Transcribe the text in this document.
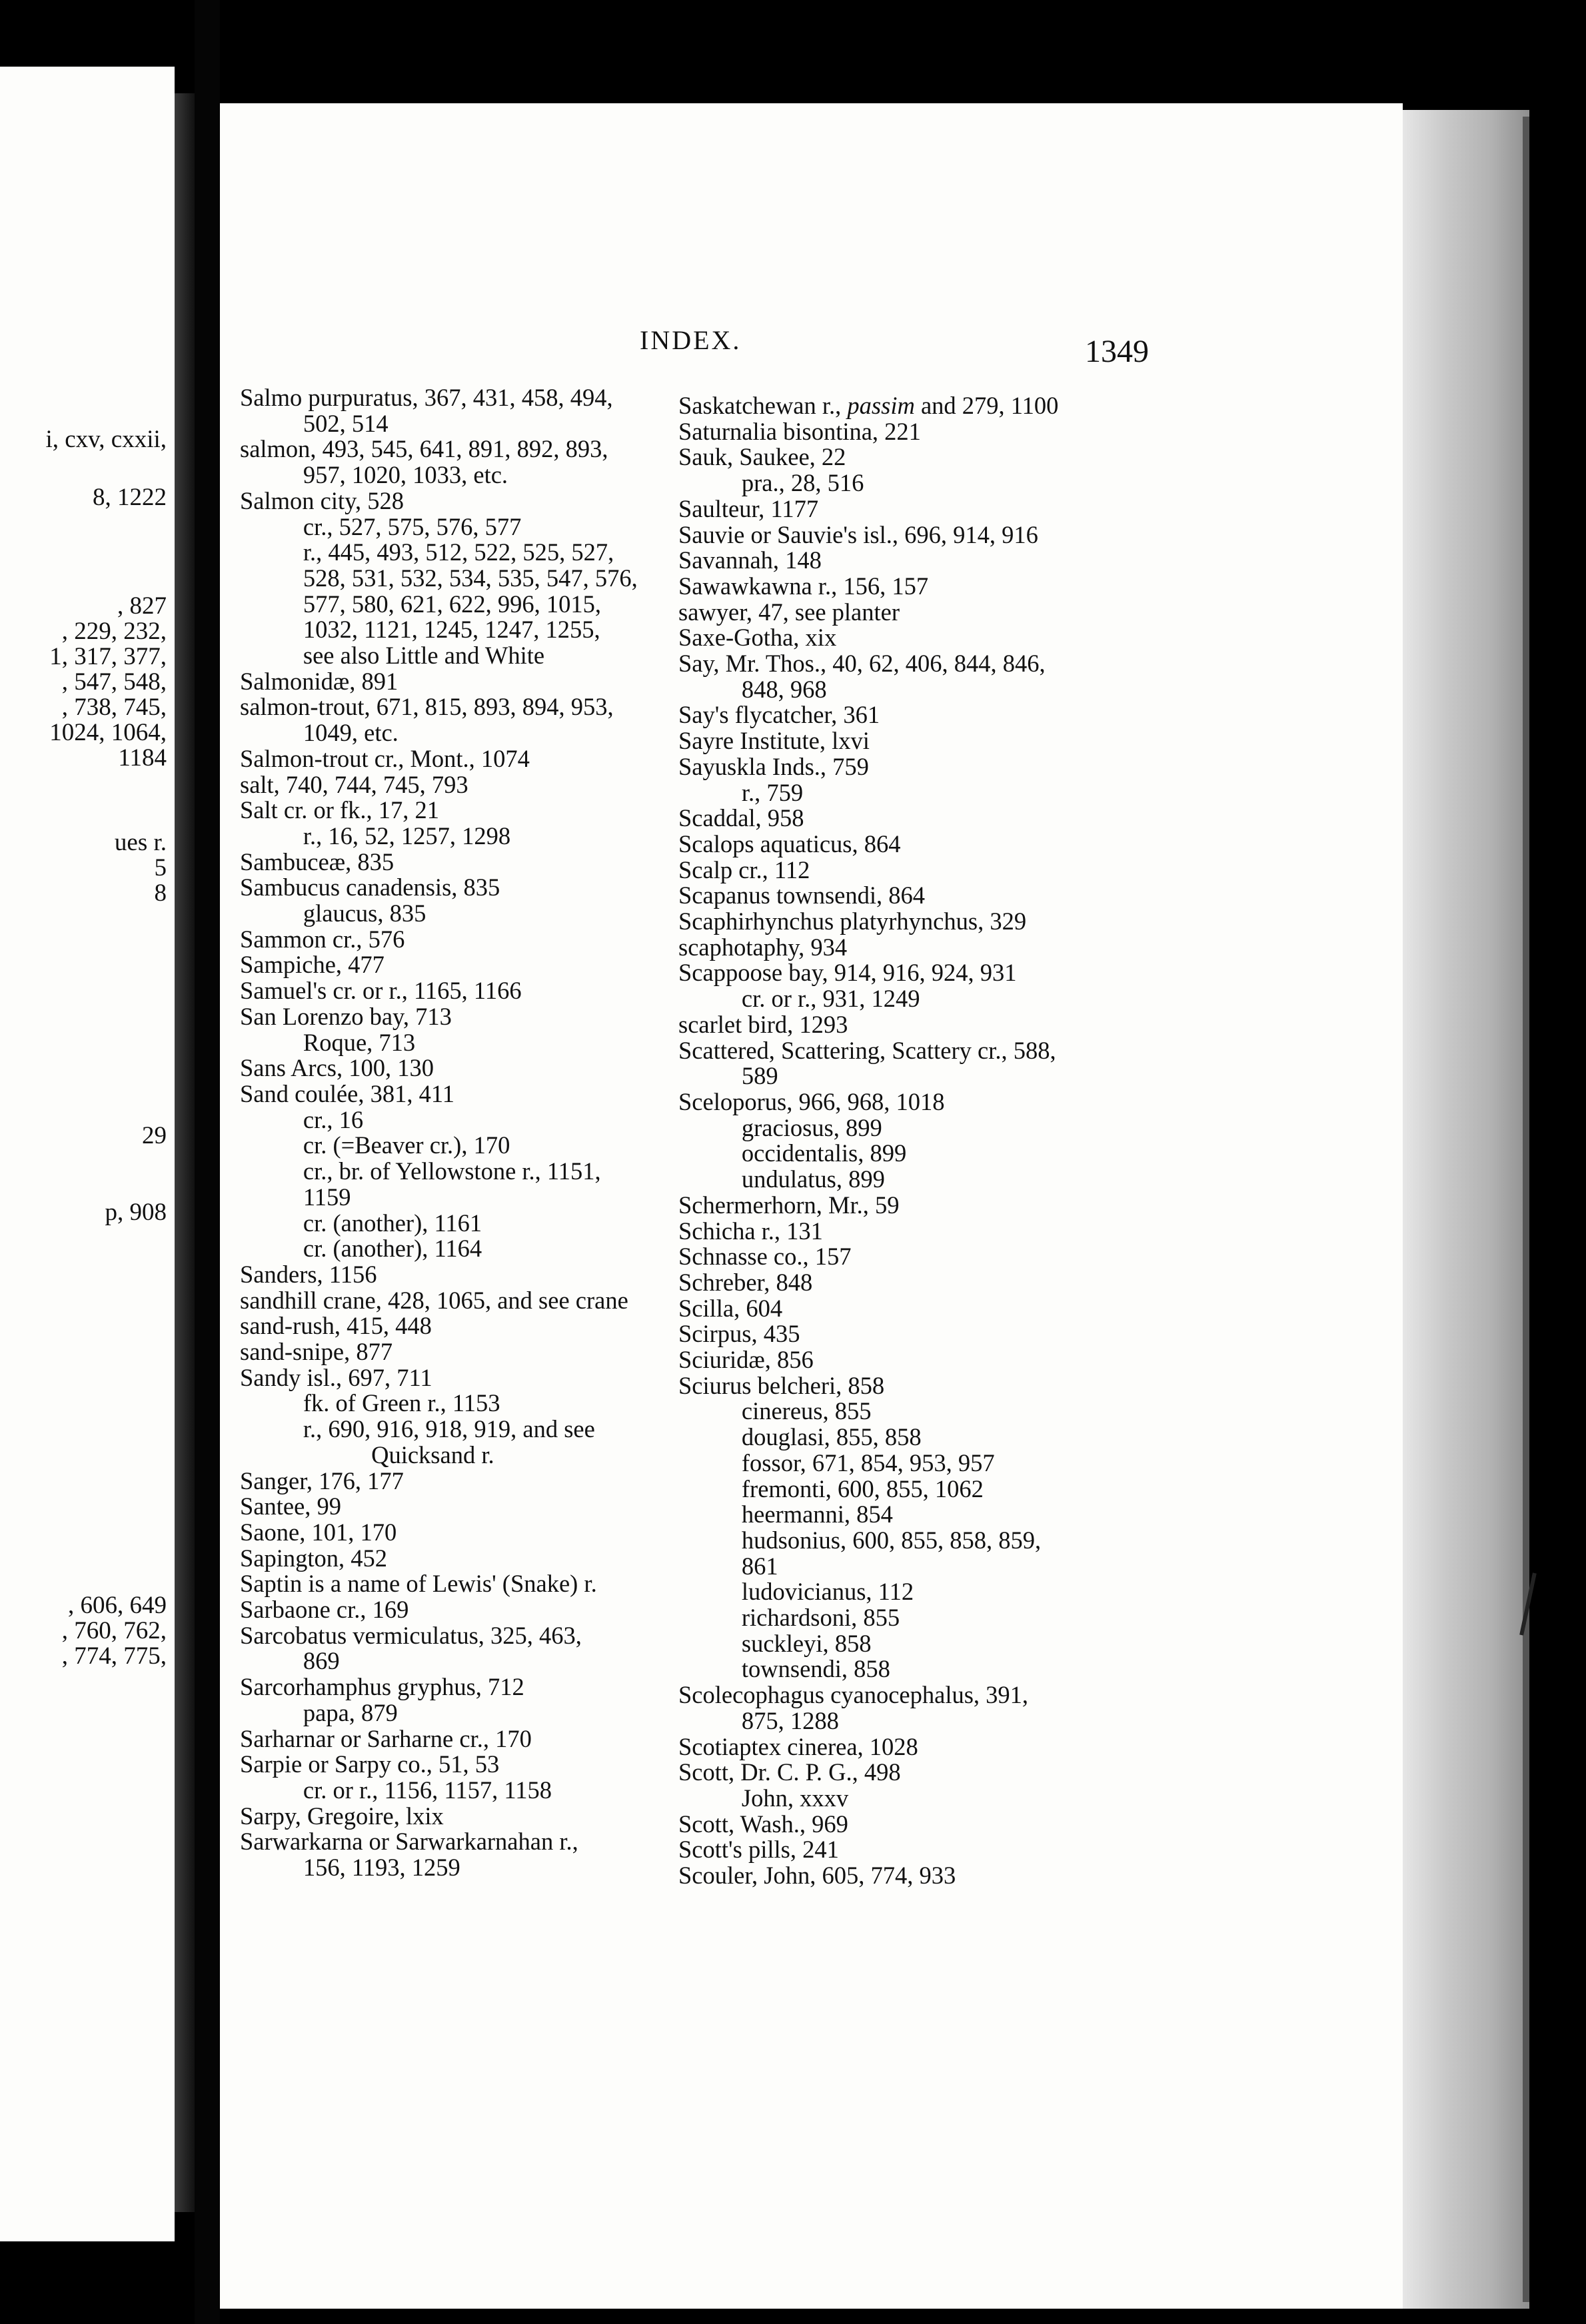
i, cxv, cxxii,
8, 1222
, 827
, 229, 232,
1, 317, 377,
, 547, 548,
, 738, 745,
1024, 1064,
1184
ues r.
5
8
29
p, 908
, 606, 649
, 760, 762,
, 774, 775,
INDEX.	1349
Salmo purpuratus, 367, 431, 458, 494,
502, 514
salmon, 493, 545, 641, 891, 892, 893,
957, 1020, 1033, etc.
Salmon city, 528
cr., 527, 575, 576, 577
r., 445, 493, 512, 522, 525, 527,
528, 531, 532, 534, 535, 547, 576,
577, 580, 621, 622, 996, 1015,
1032, 1121, 1245, 1247, 1255,
see also Little and White
Salmonidæ, 891
salmon-trout, 671, 815, 893, 894, 953,
1049, etc.
Salmon-trout cr., Mont., 1074
salt, 740, 744, 745, 793
Salt cr. or fk., 17, 21
r., 16, 52, 1257, 1298
Sambuceæ, 835
Sambucus canadensis, 835
glaucus, 835
Sammon cr., 576
Sampiche, 477
Samuel's cr. or r., 1165, 1166
San Lorenzo bay, 713
Roque, 713
Sans Arcs, 100, 130
Sand coulée, 381, 411
cr., 16
cr. (=Beaver cr.), 170
cr., br. of Yellowstone r., 1151,
1159
cr. (another), 1161
cr. (another), 1164
Sanders, 1156
sandhill crane, 428, 1065, and see crane
sand-rush, 415, 448
sand-snipe, 877
Sandy isl., 697, 711
fk. of Green r., 1153
r., 690, 916, 918, 919, and see
Quicksand r.
Sanger, 176, 177
Santee, 99
Saone, 101, 170
Sapington, 452
Saptin is a name of Lewis' (Snake) r.
Sarbaone cr., 169
Sarcobatus vermiculatus, 325, 463,
869
Sarcorhamphus gryphus, 712
papa, 879
Sarharnar or Sarharne cr., 170
Sarpie or Sarpy co., 51, 53
cr. or r., 1156, 1157, 1158
Sarpy, Gregoire, lxix
Sarwarkarna or Sarwarkarnahan r.,
156, 1193, 1259
Saskatchewan r., passim and 279, 1100
Saturnalia bisontina, 221
Sauk, Saukee, 22
pra., 28, 516
Saulteur, 1177
Sauvie or Sauvie's isl., 696, 914, 916
Savannah, 148
Sawawkawna r., 156, 157
sawyer, 47, see planter
Saxe-Gotha, xix
Say, Mr. Thos., 40, 62, 406, 844, 846,
848, 968
Say's flycatcher, 361
Sayre Institute, lxvi
Sayuskla Inds., 759
r., 759
Scaddal, 958
Scalops aquaticus, 864
Scalp cr., 112
Scapanus townsendi, 864
Scaphirhynchus platyrhynchus, 329
scaphotaphy, 934
Scappoose bay, 914, 916, 924, 931
cr. or r., 931, 1249
scarlet bird, 1293
Scattered, Scattering, Scattery cr., 588,
589
Sceloporus, 966, 968, 1018
graciosus, 899
occidentalis, 899
undulatus, 899
Schermerhorn, Mr., 59
Schicha r., 131
Schnasse co., 157
Schreber, 848
Scilla, 604
Scirpus, 435
Sciuridæ, 856
Sciurus belcheri, 858
cinereus, 855
douglasi, 855, 858
fossor, 671, 854, 953, 957
fremonti, 600, 855, 1062
heermanni, 854
hudsonius, 600, 855, 858, 859,
861
ludovicianus, 112
richardsoni, 855
suckleyi, 858
townsendi, 858
Scolecophagus cyanocephalus, 391,
875, 1288
Scotiaptex cinerea, 1028
Scott, Dr. C. P. G., 498
John, xxxv
Scott, Wash., 969
Scott's pills, 241
Scouler, John, 605, 774, 933
